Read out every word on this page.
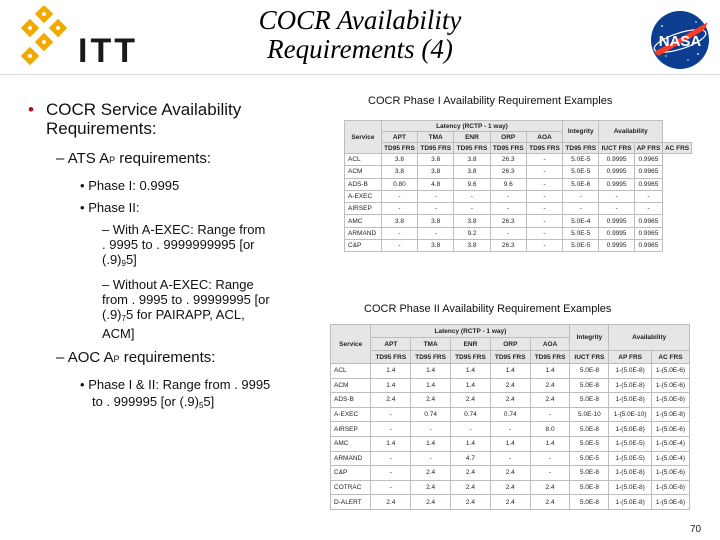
ITT
COCR Availability
Requirements (4)	NASA
• COCR Service Availability Requirements:
– ATS AP requirements:
• Phase I: 0.9995
• Phase II:
– With A-EXEC: Range from
. 9995 to . 9999999995 [or
(.9)95]
– Without A-EXEC: Range
from . 9995 to . 99999995 [or
(.9)75 for PAIRAPP, ACL,
ACM]
– AOC AP requirements:
• Phase I & II: Range from . 9995
to . 999995 [or (.9)55]
COCR Phase I Availability Requirement Examples
Service	Latency (RCTP - 1 way)					Integrity	Availability		
	APT	TMA	ENR	ORP	AOA				
	TD95 FRS	TD95 FRS	TD95 FRS	TD95 FRS	TD95 FRS	TD95 FRS	IUCT FRS	AP FRS	AC FRS
ACL	3.8	3.8	3.8	26.3	-	5.0E-5	0.9995	0.9965	
ACM	3.8	3.8	3.8	26.3	-	5.0E-5	0.9995	0.9965	
ADS-B	0.80	4.8	9.6	9.6	-	5.0E-6	0.9995	0.9965	
A-EXEC	-	-	-	-	-	-	-	-	
AIRSEP	-	-	-	-	-	-	-	-	
AMC	3.8	3.8	3.8	26.3	-	5.0E-4	0.9995	0.9965	
ARMAND	-	-	9.2	-	-	5.0E-5	0.9995	0.9965	
C&P	-	3.8	3.8	26.3	-	5.0E-5	0.9995	0.9965	
COCR Phase II Availability Requirement Examples
Service	Latency (RCTP - 1 way)					Integrity	Availability	
	APT	TMA	ENR	ORP	AOA			
	TD95 FRS	TD95 FRS	TD95 FRS	TD95 FRS	TD95 FRS	IUCT FRS	AP FRS	AC FRS
ACL	1.4	1.4	1.4	1.4	1.4	5.0E-8	1-(5.0E-8)	1-(5.0E-6)
ACM	1.4	1.4	1.4	2.4	2.4	5.0E-8	1-(5.0E-8)	1-(5.0E-6)
ADS-B	2.4	2.4	2.4	2.4	2.4	5.0E-8	1-(5.0E-8)	1-(5.0E-6)
A-EXEC	-	0.74	0.74	0.74	-	5.0E-10	1-(5.0E-10)	1-(5.0E-8)
AIRSEP	-	-	-	-	8.0	5.0E-8	1-(5.0E-8)	1-(5.0E-6)
AMC	1.4	1.4	1.4	1.4	1.4	5.0E-5	1-(5.0E-5)	1-(5.0E-4)
ARMAND	-	-	4.7	-	-	5.0E-5	1-(5.0E-5)	1-(5.0E-4)
C&P	-	2.4	2.4	2.4	-	5.0E-8	1-(5.0E-8)	1-(5.0E-6)
COTRAC	-	2.4	2.4	2.4	2.4	5.0E-8	1-(5.0E-8)	1-(5.0E-6)
D-ALERT	2.4	2.4	2.4	2.4	2.4	5.0E-8	1-(5.0E-8)	1-(5.0E-6)
70
